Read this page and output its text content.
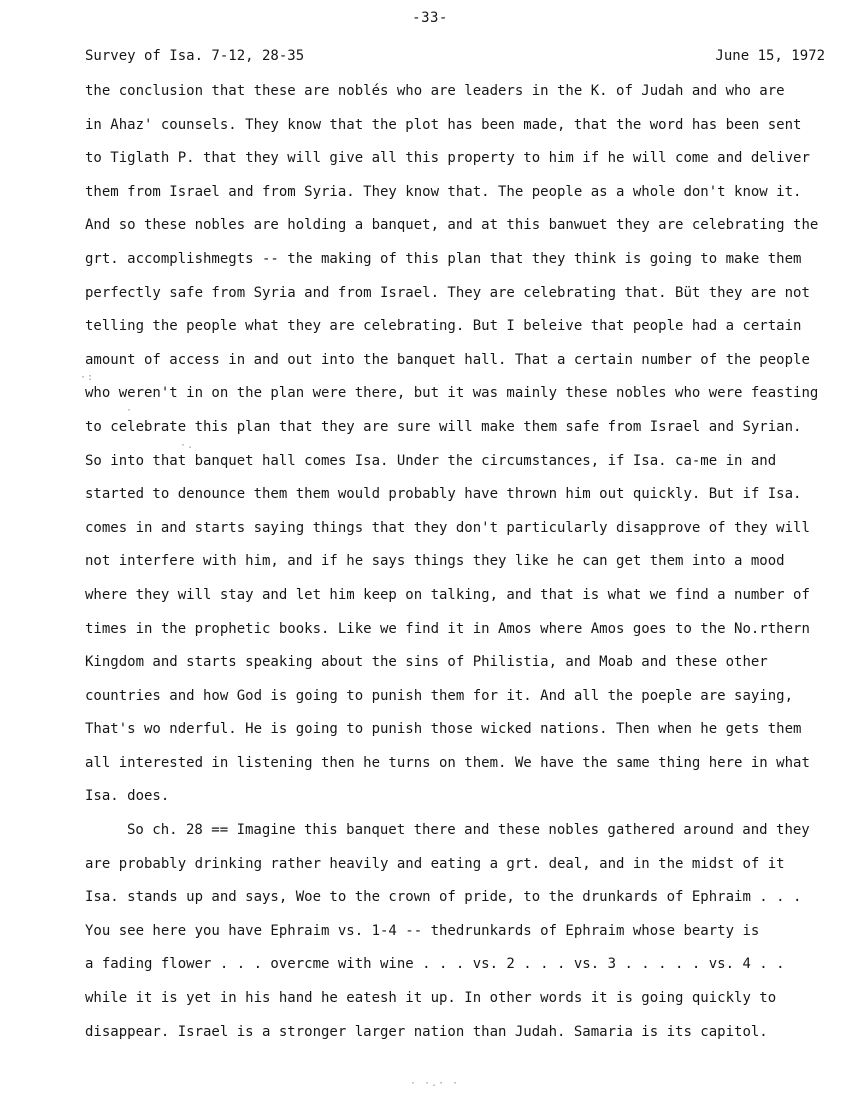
-33-
Survey of Isa. 7-12, 28-35	June 15, 1972
the conclusion that these are noblés who are leaders in the K. of Judah and who are
in Ahaz' counsels. They know that the plot has been made, that the word has been sent
to Tiglath P. that they will give all this property to him if he will come and deliver
them from Israel and from Syria. They know that. The people as a whole don't know it.
And so these nobles are holding a banquet, and at this banwuet they are celebrating the
grt. accomplishmegts -- the making of this plan that they think is going to make them
perfectly safe from Syria and from Israel. They are celebrating that. Büt they are not
telling the people what they are celebrating. But I beleive that people had a certain
amount of access in and out into the banquet hall. That a certain number of the people
who weren't in on the plan were there, but it was mainly these nobles who were feasting
to celebrate this plan that they are sure will make them safe from Israel and Syrian.
So into that banquet hall comes Isa. Under the circumstances, if Isa. ca-me in and
started to denounce them them would probably have thrown him out quickly. But if Isa.
comes in and starts saying things that they don't particularly disapprove of they will
not interfere with him, and if he says things they like he can get them into a mood
where they will stay and let him keep on talking, and that is what we find a number of
times in the prophetic books. Like we find it in Amos where Amos goes to the No.rthern
Kingdom and starts speaking about the sins of Philistia, and Moab and these other
countries and how God is going to punish them for it. And all the poeple are saying,
That's wo nderful. He is going to punish those wicked nations. Then when he gets them
all interested in listening then he turns on them. We have the same thing here in what
Isa. does.
So ch. 28 == Imagine this banquet there and these nobles gathered around and they
are probably drinking rather heavily and eating a grt. deal, and in the midst of it
Isa. stands up and says, Woe to the crown of pride, to the drunkards of Ephraim . . .
You see here you have Ephraim vs. 1-4 -- thedrunkards of Ephraim whose bearty is
a fading flower . . . overcme with wine . . . vs. 2 . . . vs. 3 . . . . . vs. 4 . .
while it is yet in his hand he eatesh it up. In other words it is going quickly to
disappear. Israel is a stronger larger nation than Judah. Samaria is its capitol.
·:
·
·.
· ·.· ·
